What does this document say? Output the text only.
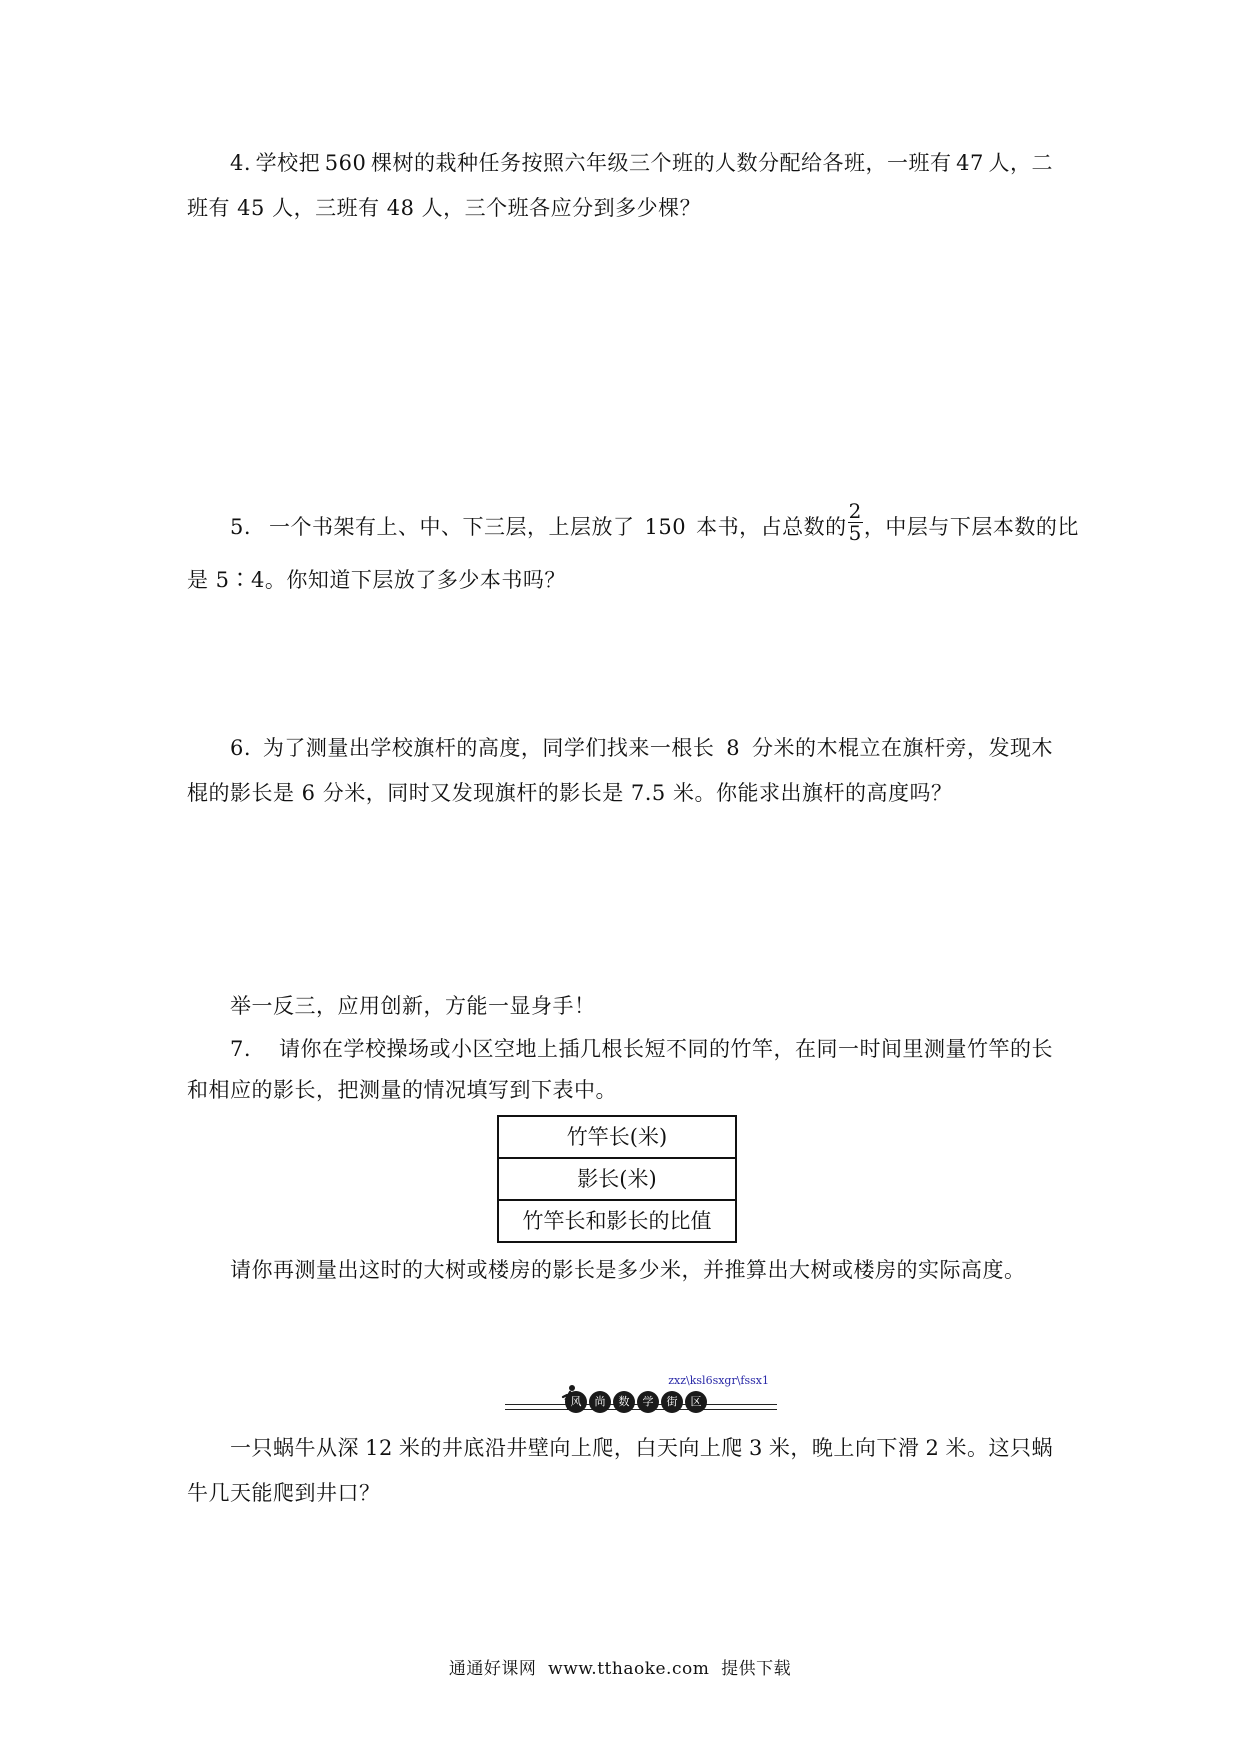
4. 学校把 560 棵树的栽种任务按照六年级三个班的人数分配给各班，一班有 47 人，二
班有 45 人，三班有 48 人，三个班各应分到多少棵？
5. 一个书架有上、中、下三层，上层放了 150 本书，占总数的 $\frac{2}{5}$ ，中层与下层本数的比
是 5∶4。你知道下层放了多少本书吗？
6. 为了测量出学校旗杆的高度，同学们找来一根长 8 分米的木棍立在旗杆旁，发现木
棍的影长是 6 分米，同时又发现旗杆的影长是 7.5 米。你能求出旗杆的高度吗？
举一反三，应用创新，方能一显身手！
7. 请你在学校操场或小区空地上插几根长短不同的竹竿，在同一时间里测量竹竿的长
和相应的影长，把测量的情况填写到下表中。
竹竿长(米)
影长(米)
竹竿长和影长的比值
请你再测量出这时的大树或楼房的影长是多少米，并推算出大树或楼房的实际高度。
zxz\ksl6sxgr\fssx1
风	尚	数	学	街	区
一只蜗牛从深 12 米的井底沿井壁向上爬，白天向上爬 3 米，晚上向下滑 2 米。这只蜗
牛几天能爬到井口？
通通好课网  www.tthaoke.com  提供下载
